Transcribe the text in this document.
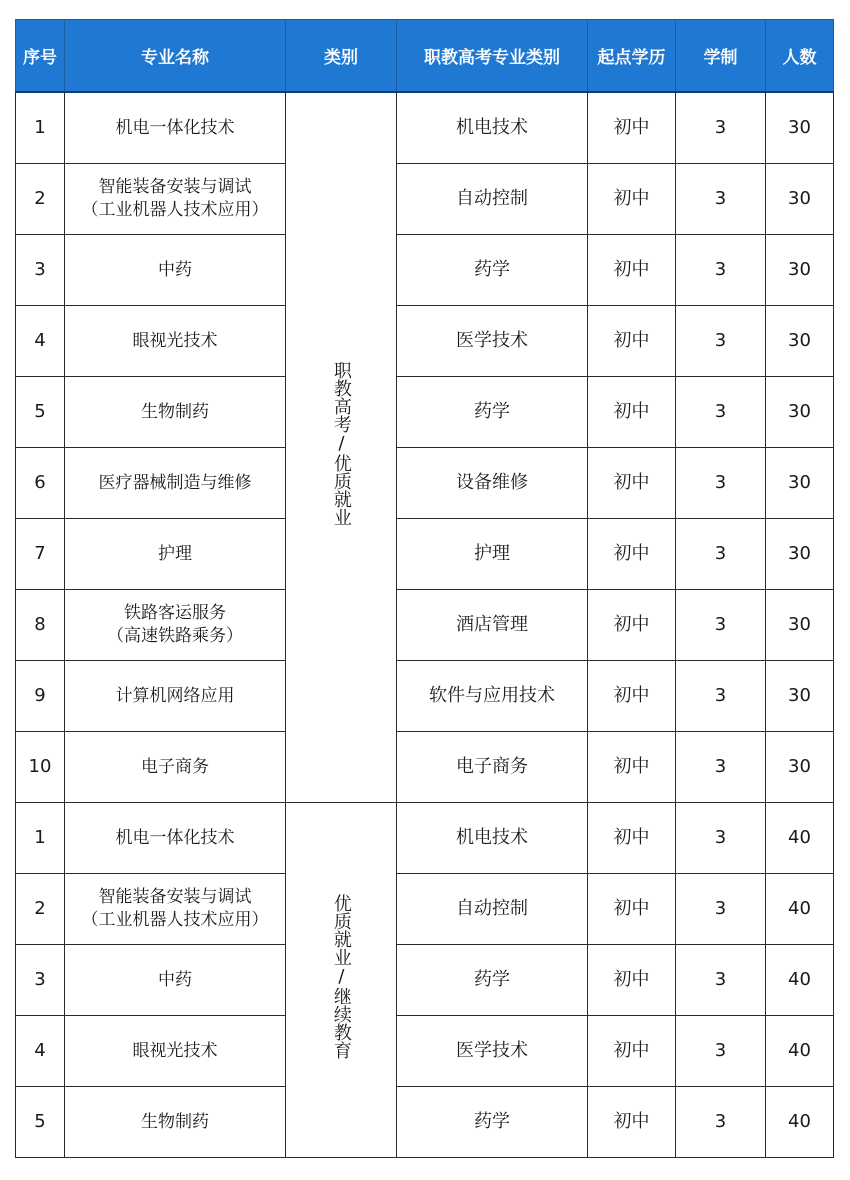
序号	专业名称	类别	职教高考专业类别	起点学历	学制	人数
1	机电一体化技术	职教高考/优质就业	机电技术	初中	3	30
2	智能装备安装与调试
（工业机器人技术应用）		自动控制	初中	3	30
3	中药		药学	初中	3	30
4	眼视光技术		医学技术	初中	3	30
5	生物制药		药学	初中	3	30
6	医疗器械制造与维修		设备维修	初中	3	30
7	护理		护理	初中	3	30
8	铁路客运服务
（高速铁路乘务）		酒店管理	初中	3	30
9	计算机网络应用		软件与应用技术	初中	3	30
10	电子商务		电子商务	初中	3	30
1	机电一体化技术	优质就业/继续教育	机电技术	初中	3	40
2	智能装备安装与调试
（工业机器人技术应用）		自动控制	初中	3	40
3	中药		药学	初中	3	40
4	眼视光技术		医学技术	初中	3	40
5	生物制药		药学	初中	3	40
